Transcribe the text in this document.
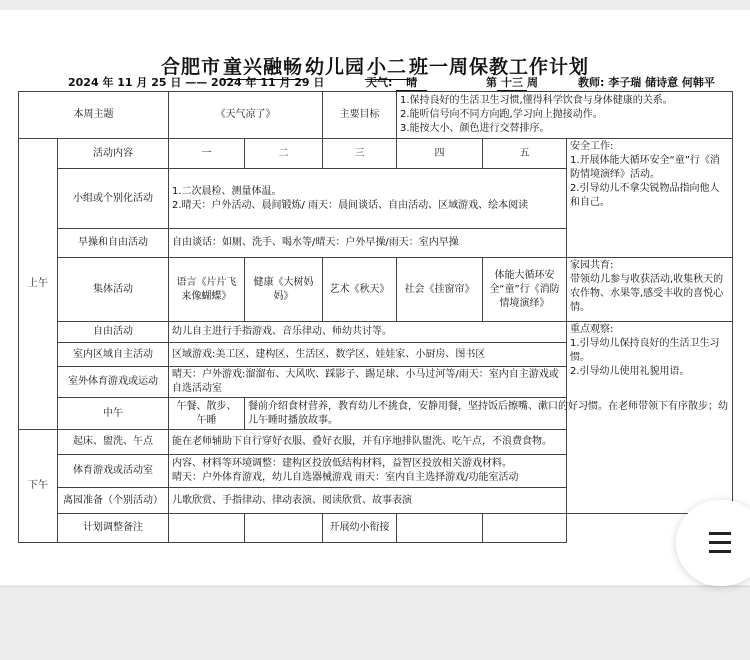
合肥市 童兴融畅 幼儿园 小二 班一周保教工作计划
2024 年 11 月 25 日 —— 2024 年 11 月 29 日	天气: 晴	第 十三 周	教师: 李子瑞 储诗意 何韩平
本周主题		《天气凉了》		主要目标	1.保持良好的生活卫生习惯,懂得科学饮食与身体健康的关系。
2.能听信号向不同方向跑,学习向上抛接动作。
3.能按大小、颜色进行交替排序。		

上午	活动内容	一	二	三	四	五	安全工作:
1.开展体能大循环安全“童”行《消防情境演绎》活动。
2.引导幼儿不拿尖锐物品指向他人和自己。

	小组或个别化活动	1.二次晨检、测量体温。
2.晴天：户外活动、晨间锻炼/ 雨天：晨间谈话、自由活动、区域游戏、绘本阅读					

	早操和自由活动	自由谈话：如厕、洗手、喝水等/晴天：户外早操/雨天：室内早操					
	集体活动	语言《片片飞来像蝴蝶》	健康《大树妈妈》	艺术《秋天》	社会《挂窗帘》	体能大循环安全“童”行《消防情境演绎》	家园共育:
带领幼儿参与收获活动,收集秋天的农作物、水果等,感受丰收的喜悦心情。

	自由活动	幼儿自主进行手指游戏、音乐律动、师幼共讨等。					重点观察:
1.引导幼儿保持良好的生活卫生习惯。
2.引导幼儿使用礼貌用语。

	室内区域自主活动	区域游戏:美工区、建构区、生活区、数学区、娃娃家、小厨房、图书区					
	室外体育游戏或运动	晴天：户外游戏:溜溜布、大风吹、踩影子、踢足球、小马过河等/雨天：室内自主游戏或自选活动室					
	中午	午餐、散步、午睡	餐前介绍食材营养，教育幼儿不挑食，安静用餐，坚持饭后擦嘴、漱口的好习惯。在老师带领下有序散步；幼儿午睡时播放故事。				
下午	起床、盥洗、午点	能在老师辅助下自行穿好衣服、叠好衣服，并有序地排队盥洗、吃午点，不浪费食物。					
	体育游戏或活动室	内容、材料等环境调整：建构区投放低结构材料，益智区投放相关游戏材料。
晴天：户外体育游戏，幼儿自选器械游戏 雨天：室内自主选择游戏/功能室活动					

	离园准备（个别活动）	儿歌欣赏、手指律动、律动表演、阅读欣赏、故事表演					
	计划调整备注			开展幼小衔接			
